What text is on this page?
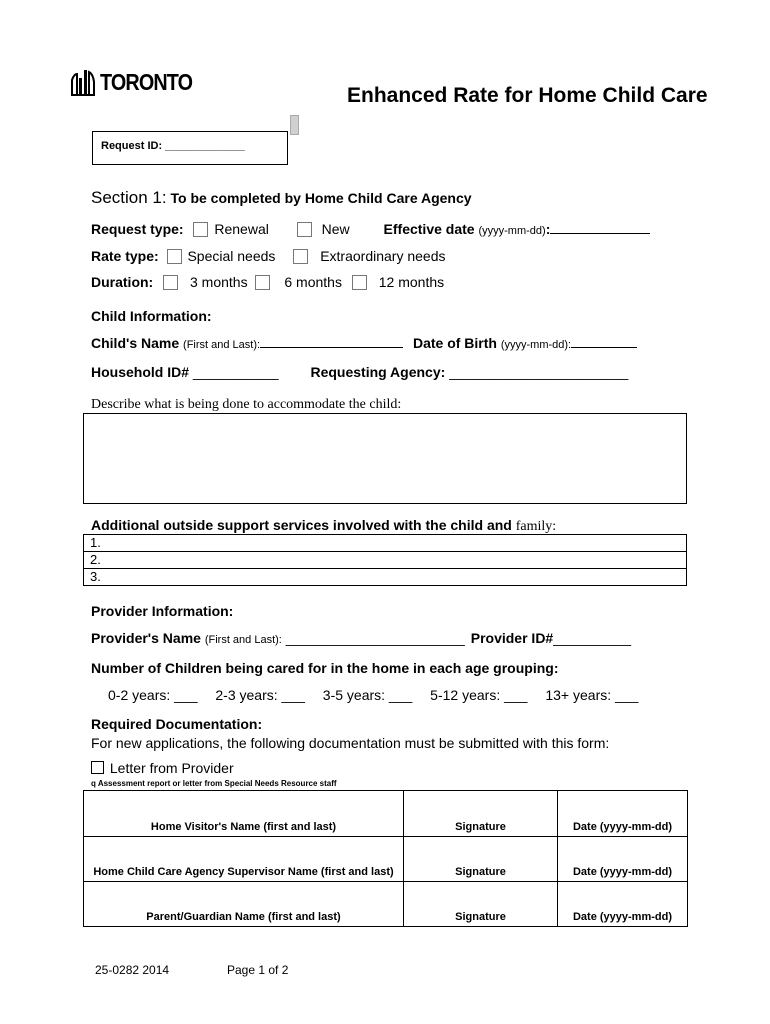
TORONTO
Enhanced Rate for Home Child Care
Request ID: _____________
Section 1: To be completed by Home Child Care Agency
Request type: Renewal	New Effective date (yyyy-mm-dd):
Rate type: Special needs	Extraordinary needs
Duration:	3 months	6 months	12 months
Child Information:
Child's Name (First and Last):	Date of Birth (yyyy-mm-dd):
Household ID# ___________ Requesting Agency: _______________________
Describe what is being done to accommodate the child:
Additional outside support services involved with the child and family:
1.
2.
3.
Provider Information:
Provider's Name (First and Last): _______________________ Provider ID#__________
Number of Children being cared for in the home in each age grouping:
0-2 years: ___ 2-3 years: ___ 3-5 years: ___ 5-12 years: ___ 13+ years: ___
Required Documentation:
For new applications, the following documentation must be submitted with this form:
Letter from Provider
q Assessment report or letter from Special Needs Resource staff
Home Visitor's Name (first and last)	Signature	Date (yyyy-mm-dd)
Home Child Care Agency Supervisor Name (first and last)	Signature	Date (yyyy-mm-dd)
Parent/Guardian Name (first and last)	Signature	Date (yyyy-mm-dd)
25-0282 2014	Page 1 of 2
